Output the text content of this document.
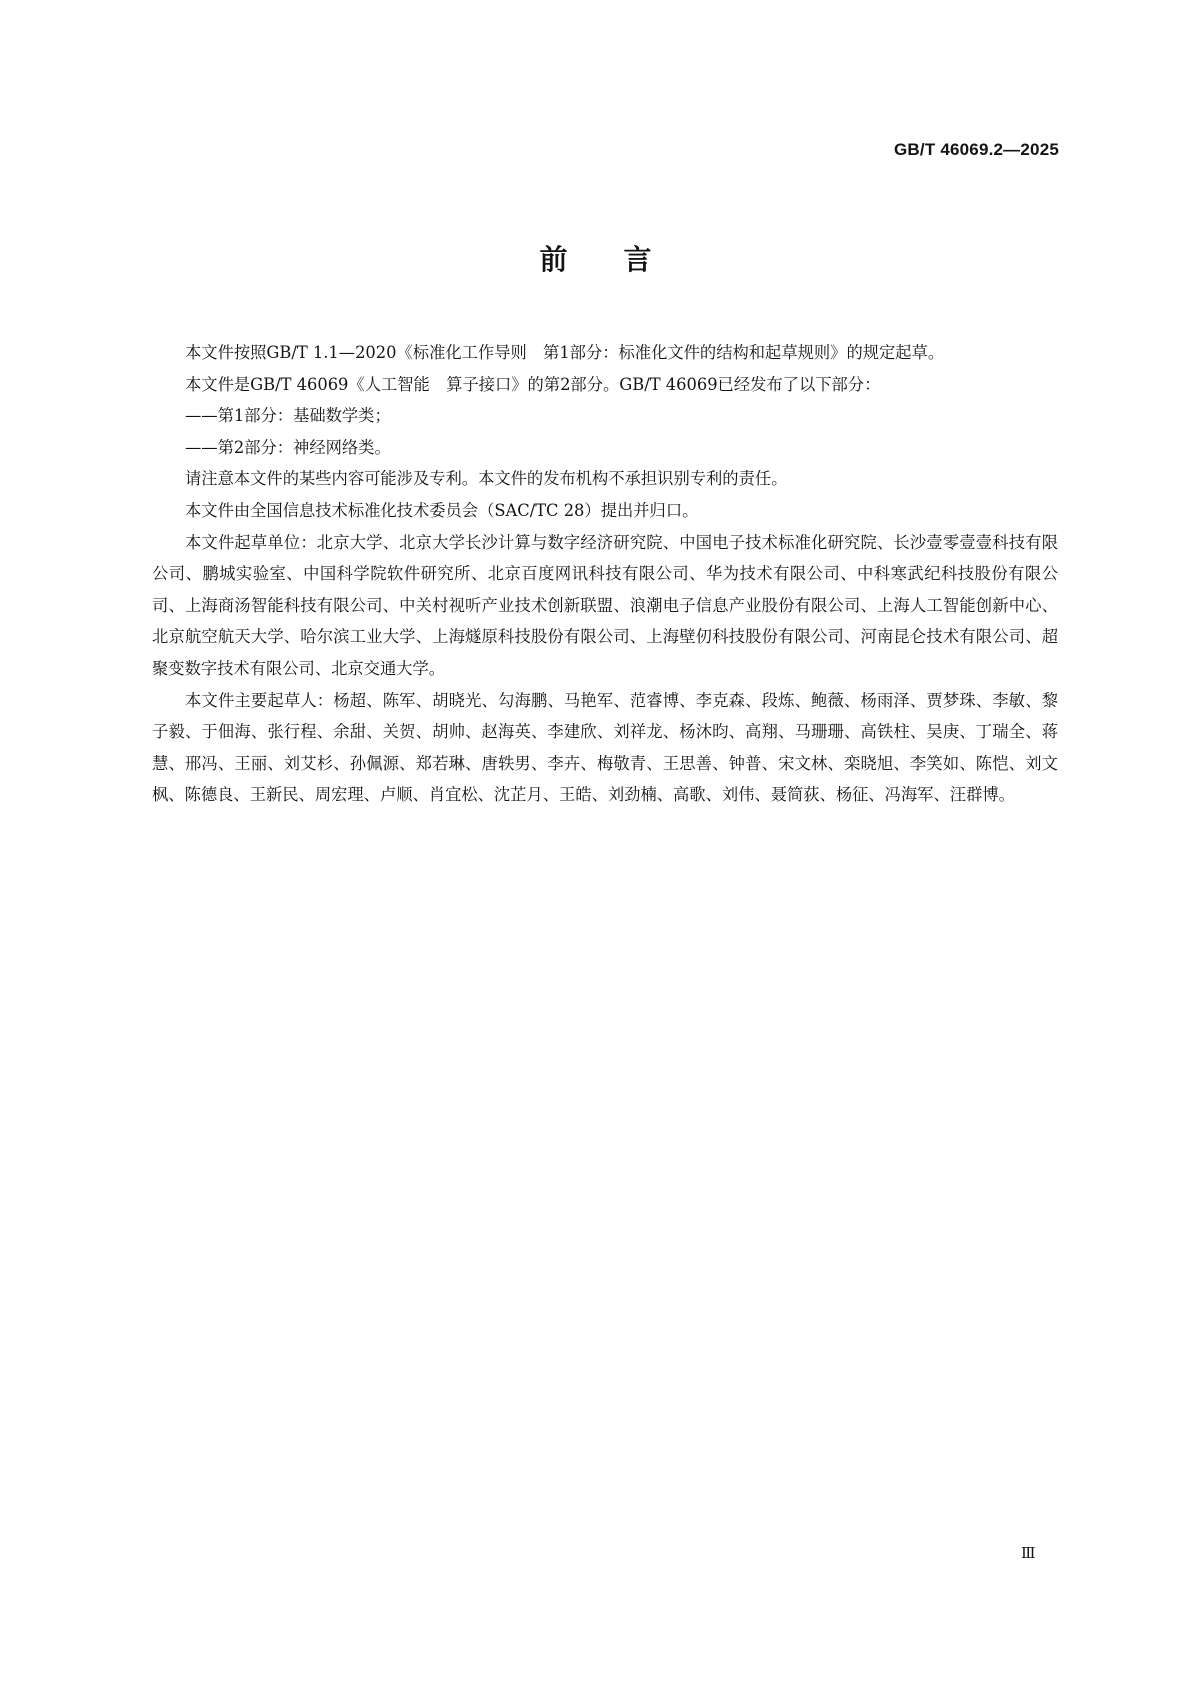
GB/T 46069.2—2025
前言

本文件按照GB/T 1.1—2020《标准化工作导则　第1部分：标准化文件的结构和起草规则》的规定起草。

本文件是GB/T 46069《人工智能　算子接口》的第2部分。GB/T 46069已经发布了以下部分：

——第1部分：基础数学类；

——第2部分：神经网络类。

请注意本文件的某些内容可能涉及专利。本文件的发布机构不承担识别专利的责任。

本文件由全国信息技术标准化技术委员会（SAC/TC 28）提出并归口。

本文件起草单位：北京大学、北京大学长沙计算与数字经济研究院、中国电子技术标准化研究院、长沙壹零壹壹科技有限公司、鹏城实验室、中国科学院软件研究所、北京百度网讯科技有限公司、华为技术有限公司、中科寒武纪科技股份有限公司、上海商汤智能科技有限公司、中关村视听产业技术创新联盟、浪潮电子信息产业股份有限公司、上海人工智能创新中心、北京航空航天大学、哈尔滨工业大学、上海燧原科技股份有限公司、上海壁仞科技股份有限公司、河南昆仑技术有限公司、超聚变数字技术有限公司、北京交通大学。

本文件主要起草人：杨超、陈军、胡晓光、勾海鹏、马艳军、范睿博、李克森、段炼、鲍薇、杨雨泽、贾梦珠、李敏、黎子毅、于佃海、张行程、余甜、关贺、胡帅、赵海英、李建欣、刘祥龙、杨沐昀、高翔、马珊珊、高铁柱、吴庚、丁瑞全、蒋慧、邢冯、王丽、刘艾杉、孙佩源、郑若琳、唐轶男、李卉、梅敬青、王思善、钟普、宋文林、栾晓旭、李笑如、陈恺、刘文枫、陈德良、王新民、周宏理、卢顺、肖宜松、沈芷月、王皓、刘劲楠、高歌、刘伟、聂简荻、杨征、冯海军、汪群博。

Ⅲ
